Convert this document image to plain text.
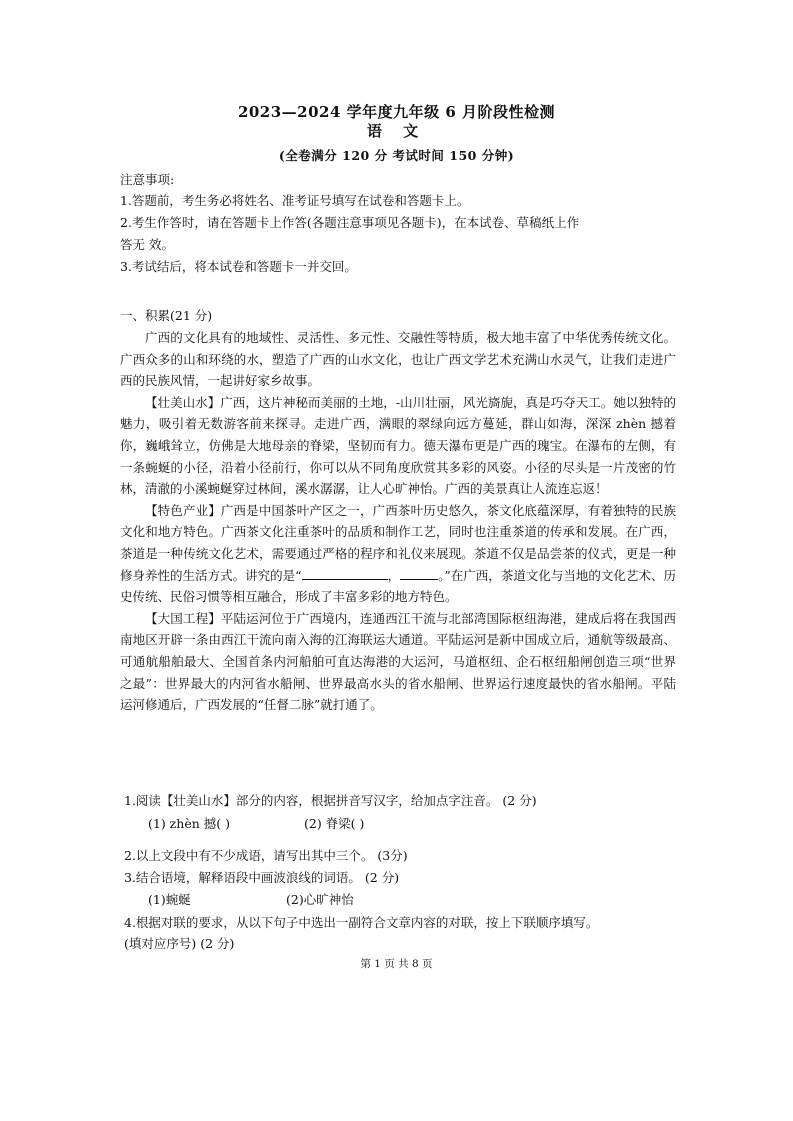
2023—2024 学年度九年级 6 月阶段性检测
语 文
(全卷满分 120 分 考试时间 150 分钟)
注意事项:
1.答题前，考生务必将姓名、准考证号填写在试卷和答题卡上。
2.考生作答时，请在答题卡上作答(各题注意事项见各题卡)，在本试卷、草稿纸上作
答无 效。
3.考试结后，将本试卷和答题卡一并交回。
一、积累(21 分)

广西的文化具有的地域性、灵活性、多元性、交融性等特质，极大地丰富了中华优秀传统文化。广西众多的山和环绕的水，塑造了广西的山水文化，也让广西文学艺术充满山水灵气，让我们走进广西的民族风情，一起讲好家乡故事。

【壮美山水】广西，这片神秘而美丽的土地，-山川壮丽，风光旖旎，真是巧夺天工。她以独特的魅力，吸引着无数游客前来探寻。走进广西，满眼的翠绿向远方蔓延，群山如海，深深 zhèn 撼着你，巍峨耸立，仿佛是大地母亲的脊梁，坚韧而有力。德天瀑布更是广西的瑰宝。在瀑布的左侧，有一条蜿蜒的小径，沿着小径前行，你可以从不同角度欣赏其多彩的风姿。小径的尽头是一片茂密的竹林，清澈的小溪蜿蜒穿过林间，溪水潺潺，让人心旷神怡。广西的美景真让人流连忘返！

【特色产业】广西是中国茶叶产区之一，广西茶叶历史悠久，茶文化底蕴深厚，有着独特的民族文化和地方特色。广西茶文化注重茶叶的品质和制作工艺，同时也注重茶道的传承和发展。在广西，茶道是一种传统文化艺术，需要通过严格的程序和礼仪来展现。茶道不仅是品尝茶的仪式，更是一种修身养性的生活方式。讲究的是“	，	。”在广西，茶道文化与当地的文化艺术、历史传统、民俗习惯等相互融合，形成了丰富多彩的地方特色。

【大国工程】平陆运河位于广西境内，连通西江干流与北部湾国际枢纽海港，建成后将在我国西南地区开辟一条由西江干流向南入海的江海联运大通道。平陆运河是新中国成立后，通航等级最高、可通航船舶最大、全国首条内河船舶可直达海港的大运河，马道枢纽、企石枢纽船闸创造三项“世界之最”：世界最大的内河省水船闸、世界最高水头的省水船闸、世界运行速度最快的省水船闸。平陆运河修通后，广西发展的“任督二脉”就打通了。

1.阅读【壮美山水】部分的内容，根据拼音写汉字，给加点字注音。 (2 分)
(1) zhèn 撼( )	(2) 脊梁( )
2.以上文段中有不少成语，请写出其中三个。 (3分)
3.结合语境，解释语段中画波浪线的词语。 (2 分)
(1)蜿蜒	(2)心旷神怡
4.根据对联的要求，从以下句子中选出一副符合文章内容的对联，按上下联顺序填写。
(填对应序号) (2 分)
第 1 页 共 8 页
